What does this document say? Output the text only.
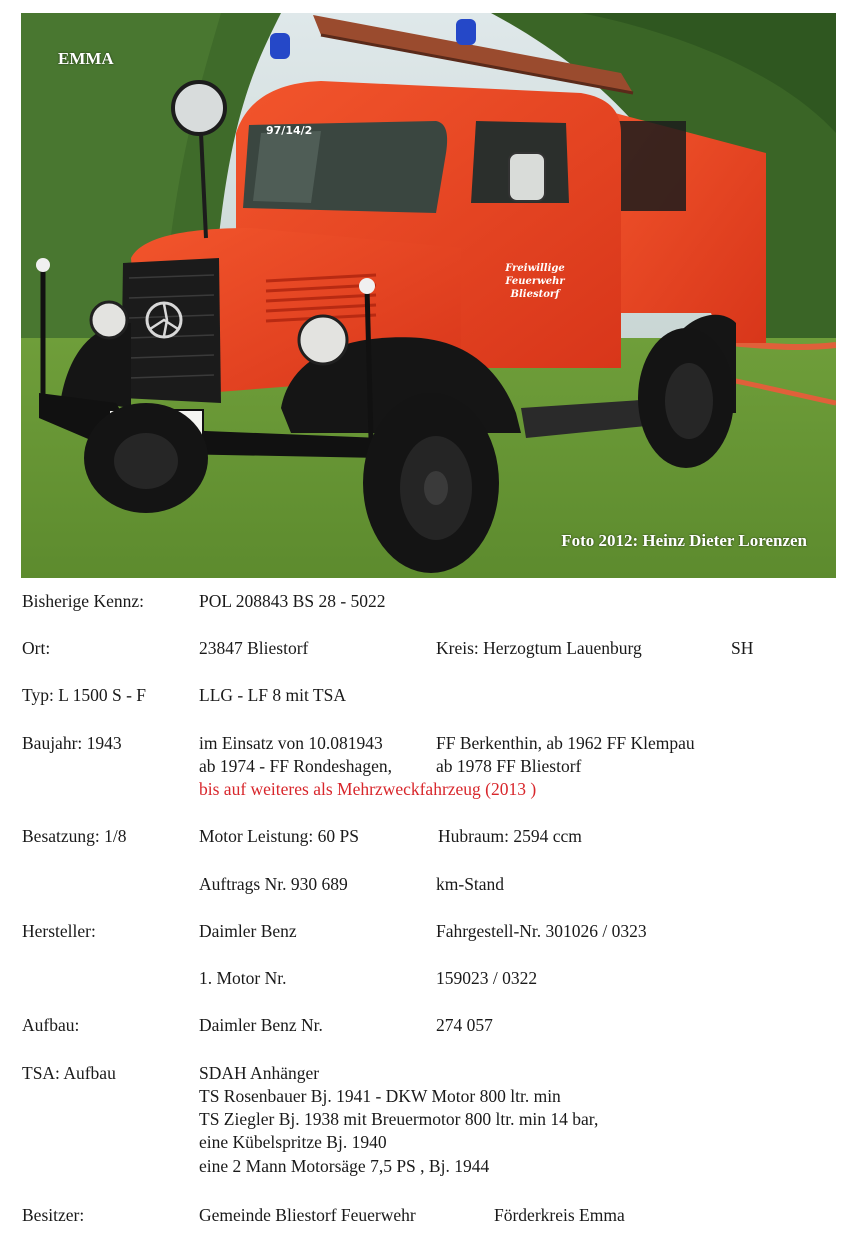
97/14/2
Freiwillige
Feuerwehr
Bliestorf
EMMA
Foto 2012: Heinz Dieter Lorenzen
Bisherige Kennz:	POL 208843 BS 28 - 5022
Ort:	23847 Bliestorf	Kreis: Herzogtum Lauenburg	SH
Typ: L 1500 S - F	LLG - LF 8 mit TSA
Baujahr: 1943	im Einsatz von 10.081943	FF Berkenthin, ab 1962 FF Klempau
ab 1974 - FF Rondeshagen,	ab 1978 FF Bliestorf
bis auf weiteres als Mehrzweckfahrzeug (2013 )
Besatzung: 1/8	Motor Leistung: 60 PS	Hubraum: 2594 ccm
Auftrags Nr. 930 689	km-Stand
Hersteller:	Daimler Benz	Fahrgestell-Nr. 301026 / 0323
1. Motor Nr.	159023 / 0322
Aufbau:	Daimler Benz Nr.	274 057
TSA: Aufbau	SDAH Anhänger
TS Rosenbauer Bj. 1941 - DKW Motor 800 ltr. min
TS Ziegler Bj. 1938 mit Breuermotor 800 ltr. min 14 bar,
eine Kübelspritze Bj. 1940
eine 2 Mann Motorsäge 7,5 PS , Bj. 1944
Besitzer:	Gemeinde Bliestorf Feuerwehr	Förderkreis Emma
